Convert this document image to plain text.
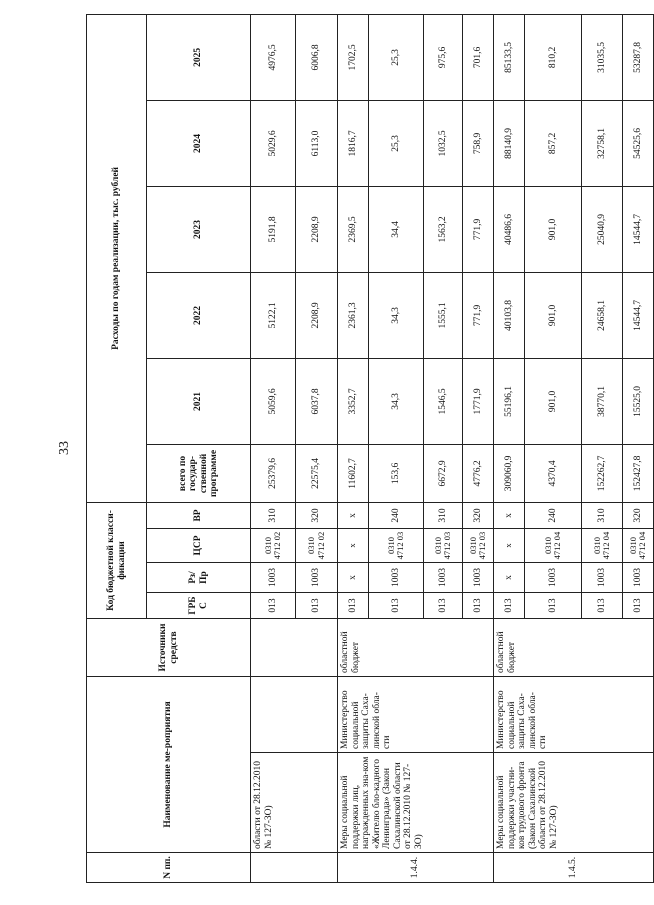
33
N пп.	Наименование ме-роприятия		Источники средств	Код бюджетной класси-фикации				Расходы по годам реализации, тыс. рублей					
				ГРБ С	Рз/ Пр	ЦСР	ВР	всего по государ-ственной программе	2021	2022	2023	2024	2025
	области от 28.12.2010 № 127-ЗО)			013	1003	0310 4712 02	310	25379,6	5059,6	5122,1	5191,8	5029,6	4976,5
				013	1003	0310 4712 02	320	22575,4	6037,8	2208,9	2208,9	6113,0	6006,8
1.4.4.	Меры социальной поддержки лиц, награжденных зна-ком «Жителю бло-кадного Ленинграда» (Закон Сахалинской области от 28.12.2010 № 127-ЗО)	Министерство социальной защиты Саха-линской обла-сти	областной бюджет	013	х	х	х	11602,7	3352,7	2361,3	2369,5	1816,7	1702,5
				013	1003	0310 4712 03	240	153,6	34,3	34,3	34,4	25,3	25,3
				013	1003	0310 4712 03	310	6672,9	1546,5	1555,1	1563,2	1032,5	975,6
				013	1003	0310 4712 03	320	4776,2	1771,9	771,9	771,9	758,9	701,6
1.4.5.	Меры социальной поддержки участни-ков трудового фронта (Закон Сахалинской области от 28.12.2010 № 127-ЗО)	Министерство социальной защиты Саха-линской обла-сти	областной бюджет	013	х	х	х	309060,9	55196,1	40103,8	40486,6	88140,9	85133,5
				013	1003	0310 4712 04	240	4370,4	901,0	901,0	901,0	857,2	810,2
				013	1003	0310 4712 04	310	152262,7	38770,1	24658,1	25040,9	32758,1	31035,5
				013	1003	0310 4712 04	320	152427,8	15525,0	14544,7	14544,7	54525,6	53287,8
